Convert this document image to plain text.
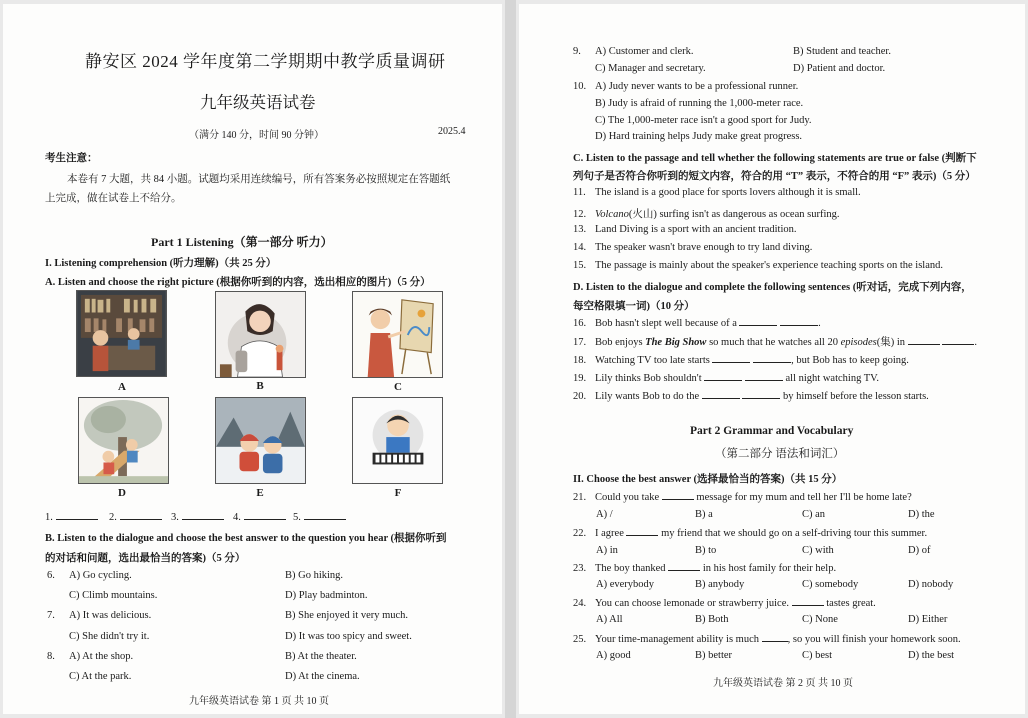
静安区 2024 学年度第二学期期中教学质量调研
九年级英语试卷
（满分 140 分，时间 90 分钟）	2025.4
考生注意：
本卷有 7 大题，共 84 小题。试题均采用连续编号，所有答案务必按照规定在答题纸
上完成，做在试卷上不给分。
Part 1 Listening（第一部分 听力）
I. Listening comprehension (听力理解)（共 25 分）
A. Listen and choose the right picture (根据你听到的内容，选出相应的图片)（5 分）
A	B	C
D	E	F
1.	2.	3.	4.	5.
B. Listen to the dialogue and choose the best answer to the question you hear (根据你听到
的对话和问题，选出最恰当的答案)（5 分）
6. A) Go cycling.	B) Go hiking.
C) Climb mountains.	D) Play badminton.
7. A) It was delicious.	B) She enjoyed it very much.
C) She didn't try it.	D) It was too spicy and sweet.
8. A) At the shop.	B) At the theater.
C) At the park.	D) At the cinema.
九年级英语试卷 第 1 页 共 10 页
9. A) Customer and clerk.	B) Student and teacher.
C) Manager and secretary.	D) Patient and doctor.
10. A) Judy never wants to be a professional runner.
B) Judy is afraid of running the 1,000-meter race.
C) The 1,000-meter race isn't a good sport for Judy.
D) Hard training helps Judy make great progress.
C. Listen to the passage and tell whether the following statements are true or false (判断下
列句子是否符合你听到的短文内容，符合的用 “T” 表示，不符合的用 “F” 表示)（5 分）
11. The island is a good place for sports lovers although it is small.
12. Volcano(火山) surfing isn't as dangerous as ocean surfing.
13. Land Diving is a sport with an ancient tradition.
14. The speaker wasn't brave enough to try land diving.
15. The passage is mainly about the speaker's experience teaching sports on the island.
D. Listen to the dialogue and complete the following sentences (听对话，完成下列内容，
每空格限填一词)（10 分）
16. Bob hasn't slept well because of a	.
17. Bob enjoys The Big Show so much that he watches all 20 episodes(集) in	.
18. Watching TV too late starts	, but Bob has to keep going.
19. Lily thinks Bob shouldn't	all night watching TV.
20. Lily wants Bob to do the	by himself before the lesson starts.
Part 2 Grammar and Vocabulary
（第二部分 语法和词汇）
II. Choose the best answer (选择最恰当的答案)（共 15 分）
21. Could you take	message for my mum and tell her I'll be home late?
A) /	B) a	C) an	D) the
22. I agree	my friend that we should go on a self-driving tour this summer.
A) in	B) to	C) with	D) of
23. The boy thanked	in his host family for their help.
A) everybody	B) anybody	C) somebody	D) nobody
24. You can choose lemonade or strawberry juice.	tastes great.
A) All	B) Both	C) None	D) Either
25. Your time-management ability is much	, so you will finish your homework soon.
A) good	B) better	C) best	D) the best
九年级英语试卷 第 2 页 共 10 页
